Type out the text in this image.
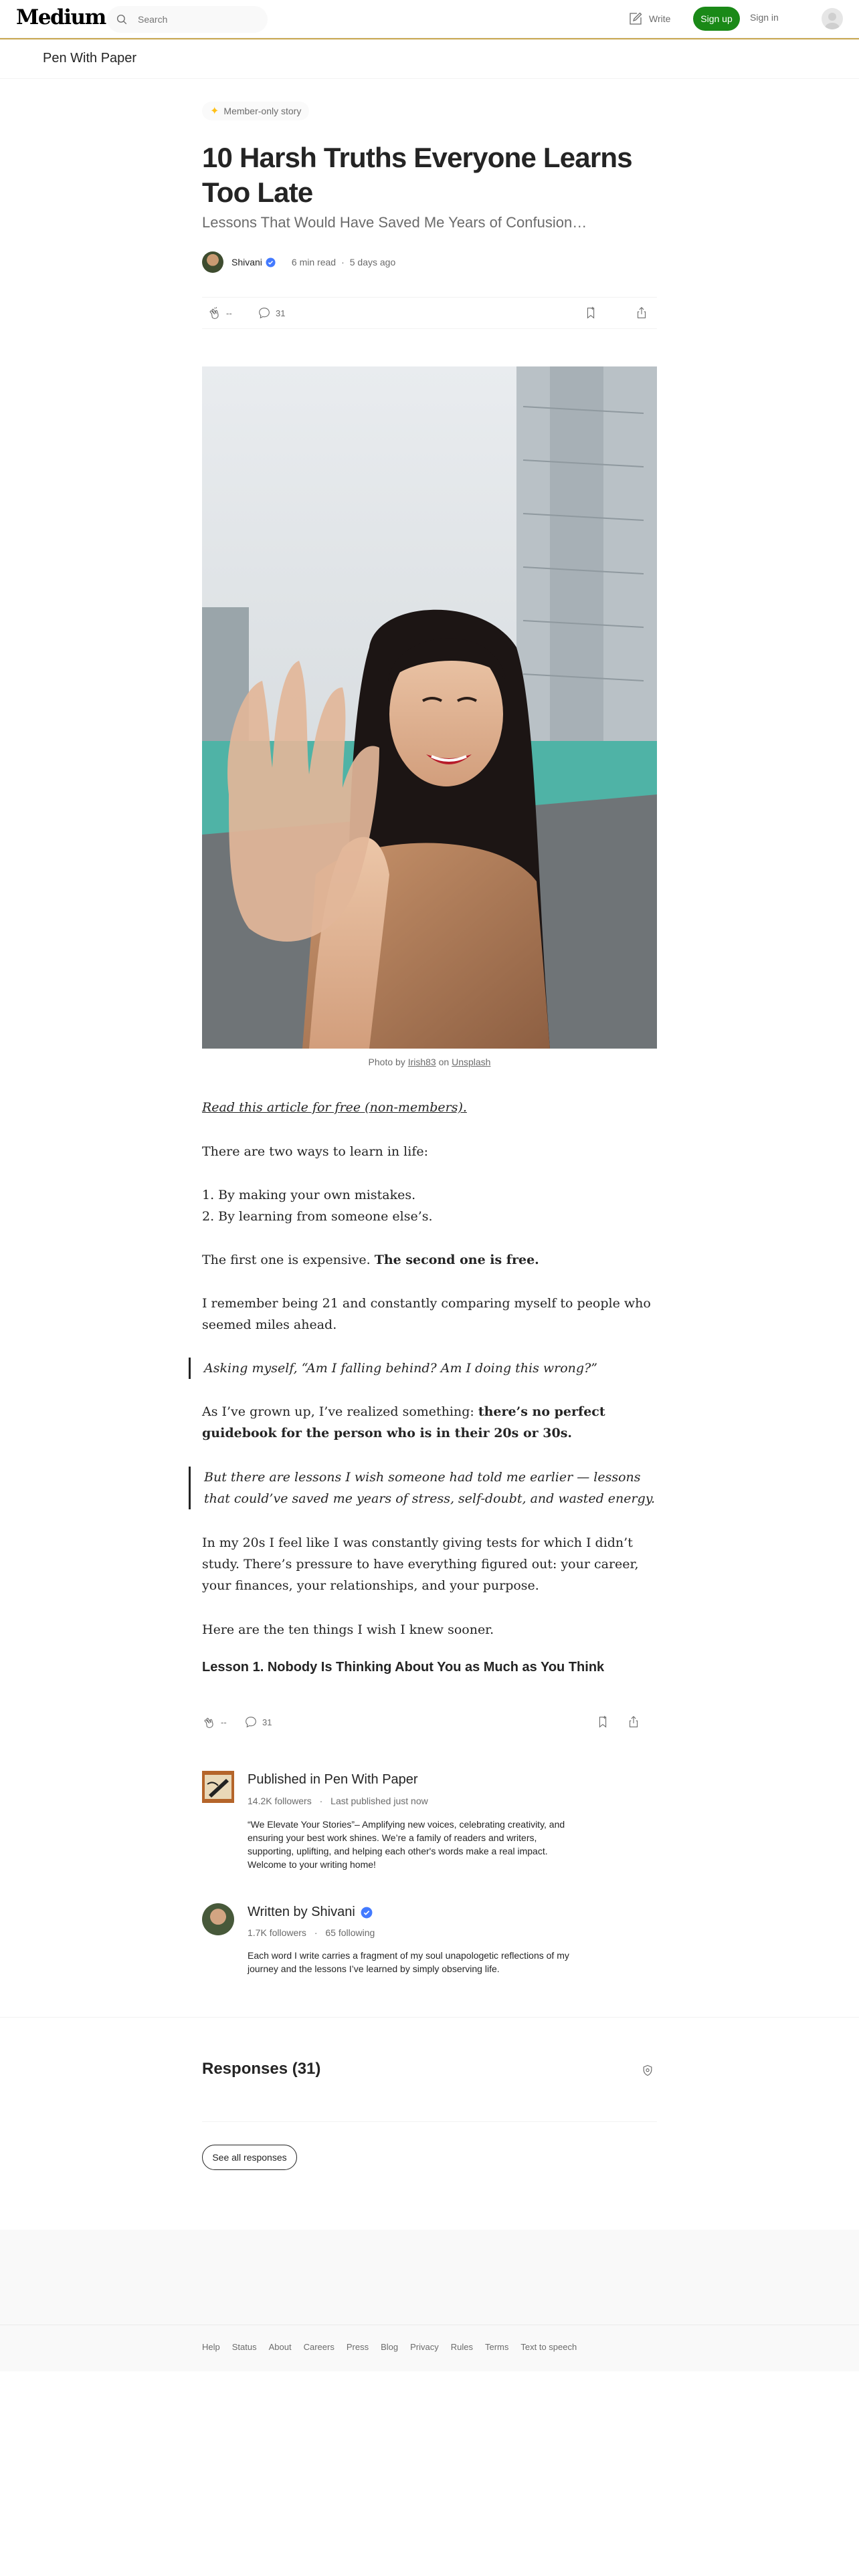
Medium
Search	Write	Sign up	Sign in
Pen With Paper
✦ Member-only story
10 Harsh Truths Everyone Learns Too Late
Lessons That Would Have Saved Me Years of Confusion…
Shivani	6 min read · 5 days ago
--	31
Photo by Irish83 on Unsplash
Read this article for free (non-members).
There are two ways to learn in life:
1. By making your own mistakes.
2. By learning from someone else’s.
The first one is expensive. The second one is free.
I remember being 21 and constantly comparing myself to people who seemed miles ahead.
Asking myself, “Am I falling behind? Am I doing this wrong?”
As I’ve grown up, I’ve realized something: there’s no perfect guidebook for the person who is in their 20s or 30s.
But there are lessons I wish someone had told me earlier — lessons that could’ve saved me years of stress, self-doubt, and wasted energy.
In my 20s I feel like I was constantly giving tests for which I didn’t study. There’s pressure to have everything figured out: your career, your finances, your relationships, and your purpose.
Here are the ten things I wish I knew sooner.
Lesson 1. Nobody Is Thinking About You as Much as You Think
--	31
Published in Pen With Paper
14.2K followers · Last published just now
“We Elevate Your Stories”– Amplifying new voices, celebrating creativity, and ensuring your best work shines. We’re a family of readers and writers, supporting, uplifting, and helping each other's words make a real impact. Welcome to your writing home!
Written by Shivani
1.7K followers · 65 following
Each word I write carries a fragment of my soul unapologetic reflections of my journey and the lessons I’ve learned by simply observing life.
Responses (31)
See all responses
Help Status About Careers Press Blog Privacy Rules Terms Text to speech
